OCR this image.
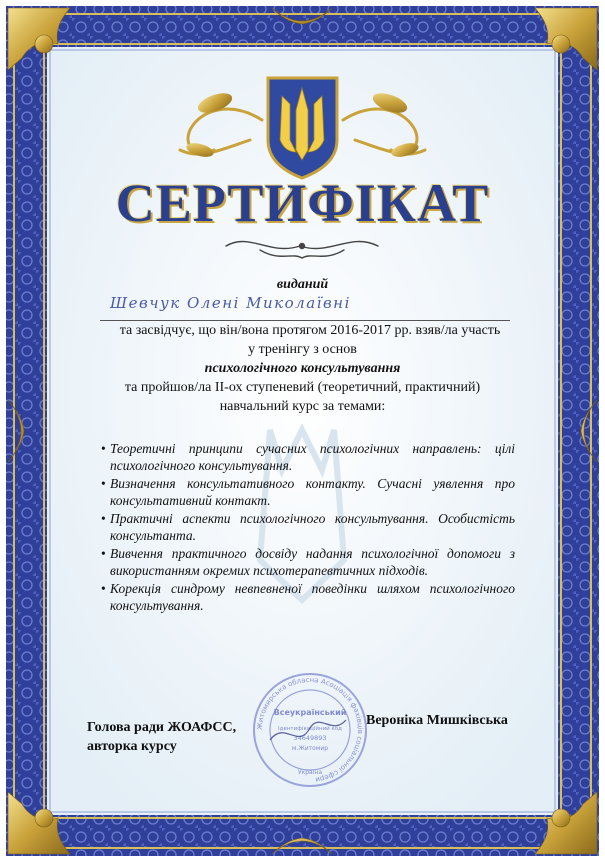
СЕРТИФІКАТ
виданий
Шевчук Олені Миколаївні
та засвідчує, що він/вона протягом 2016-2017 рр. взяв/ла участь
у тренінгу з основ
психологічного консультування
та пройшов/ла ІІ-ох ступеневий (теоретичний, практичний)
навчальний курс за темами:
• Теоретичні принципи сучасних психологічних направлень: цілі психологічного консультування.
• Визначення консультативного контакту. Сучасні уявлення про консультативний контакт.
• Практичні аспекти психологічного консультування. Особистість консультанта.
• Вивчення практичного досвіду надання психологічної допомоги з використанням окремих психотерапевтичних підходів.
• Корекція синдрому невпевненої поведінки шляхом психологічного консультування.
Голова ради ЖОАФСС,
авторка курсу
Вероніка Мишківська
Житомирська обласна Асоціація фахівців соціальної сфери
Всеукраїнський
Ідентифікаційний код
34649893
м.Житомир
Україна
